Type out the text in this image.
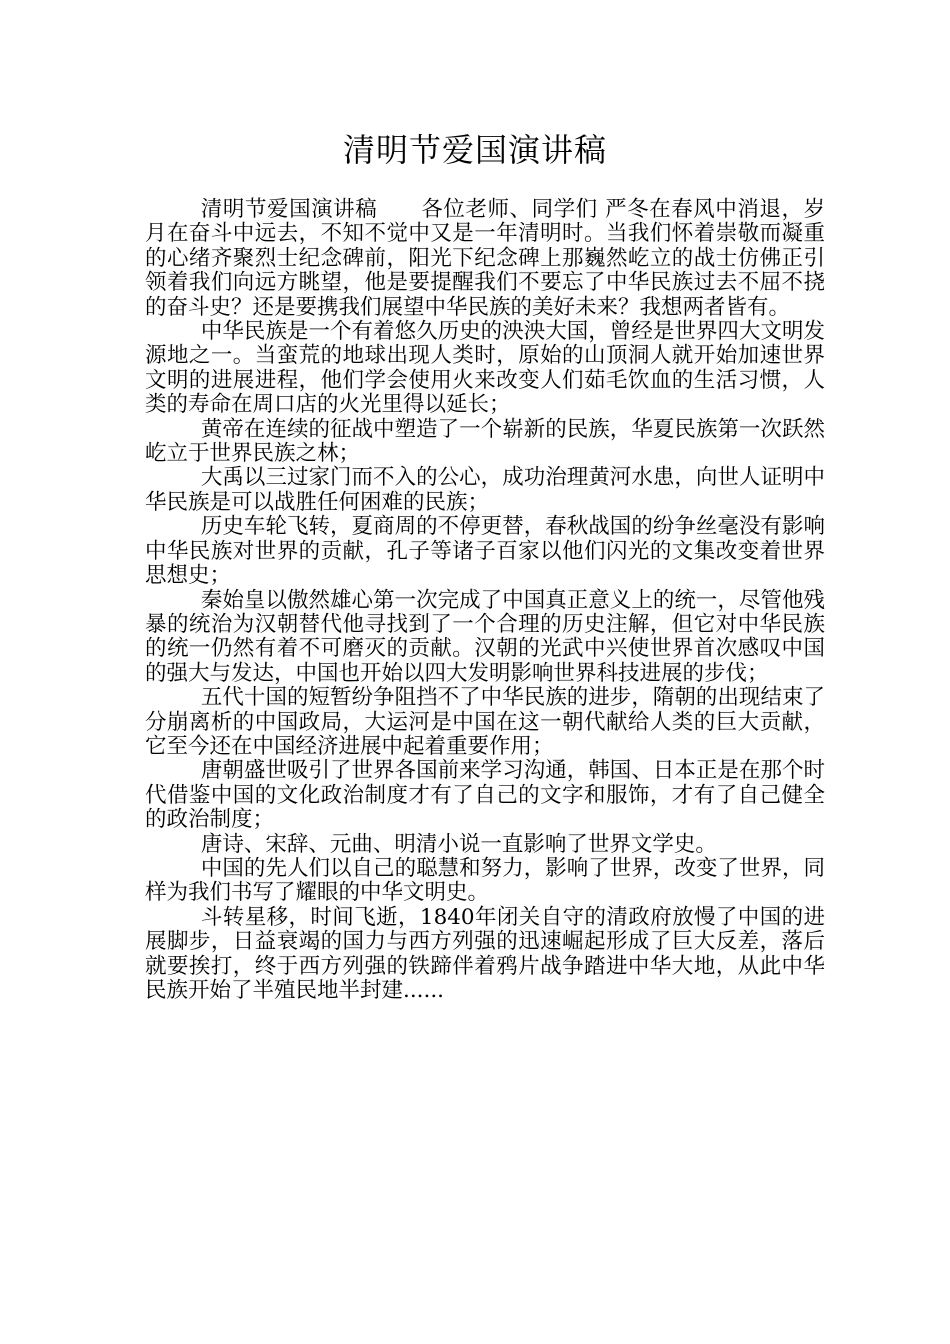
清明节爱国演讲稿

清明节爱国演讲稿　　各位老师、同学们 严冬在春风中消退，岁月在奋斗中远去，不知不觉中又是一年清明时。当我们怀着崇敬而凝重的心绪齐聚烈士纪念碑前，阳光下纪念碑上那巍然屹立的战士仿佛正引领着我们向远方眺望，他是要提醒我们不要忘了中华民族过去不屈不挠的奋斗史？还是要携我们展望中华民族的美好未来？我想两者皆有。

中华民族是一个有着悠久历史的泱泱大国，曾经是世界四大文明发源地之一。当蛮荒的地球出现人类时，原始的山顶洞人就开始加速世界文明的进展进程，他们学会使用火来改变人们茹毛饮血的生活习惯，人类的寿命在周口店的火光里得以延长；

黄帝在连续的征战中塑造了一个崭新的民族，华夏民族第一次跃然屹立于世界民族之林；

大禹以三过家门而不入的公心，成功治理黄河水患，向世人证明中华民族是可以战胜任何困难的民族；

历史车轮飞转，夏商周的不停更替，春秋战国的纷争丝毫没有影响中华民族对世界的贡献，孔子等诸子百家以他们闪光的文集改变着世界思想史；

秦始皇以傲然雄心第一次完成了中国真正意义上的统一，尽管他残暴的统治为汉朝替代他寻找到了一个合理的历史注解，但它对中华民族的统一仍然有着不可磨灭的贡献。汉朝的光武中兴使世界首次感叹中国的强大与发达，中国也开始以四大发明影响世界科技进展的步伐；

五代十国的短暂纷争阻挡不了中华民族的进步，隋朝的出现结束了分崩离析的中国政局，大运河是中国在这一朝代献给人类的巨大贡献，它至今还在中国经济进展中起着重要作用；

唐朝盛世吸引了世界各国前来学习沟通，韩国、日本正是在那个时代借鉴中国的文化政治制度才有了自己的文字和服饰，才有了自己健全的政治制度；

唐诗、宋辞、元曲、明清小说一直影响了世界文学史。

中国的先人们以自己的聪慧和努力，影响了世界，改变了世界，同样为我们书写了耀眼的中华文明史。

斗转星移，时间飞逝，1840年闭关自守的清政府放慢了中国的进展脚步，日益衰竭的国力与西方列强的迅速崛起形成了巨大反差，落后就要挨打，终于西方列强的铁蹄伴着鸦片战争踏进中华大地，从此中华民族开始了半殖民地半封建......
